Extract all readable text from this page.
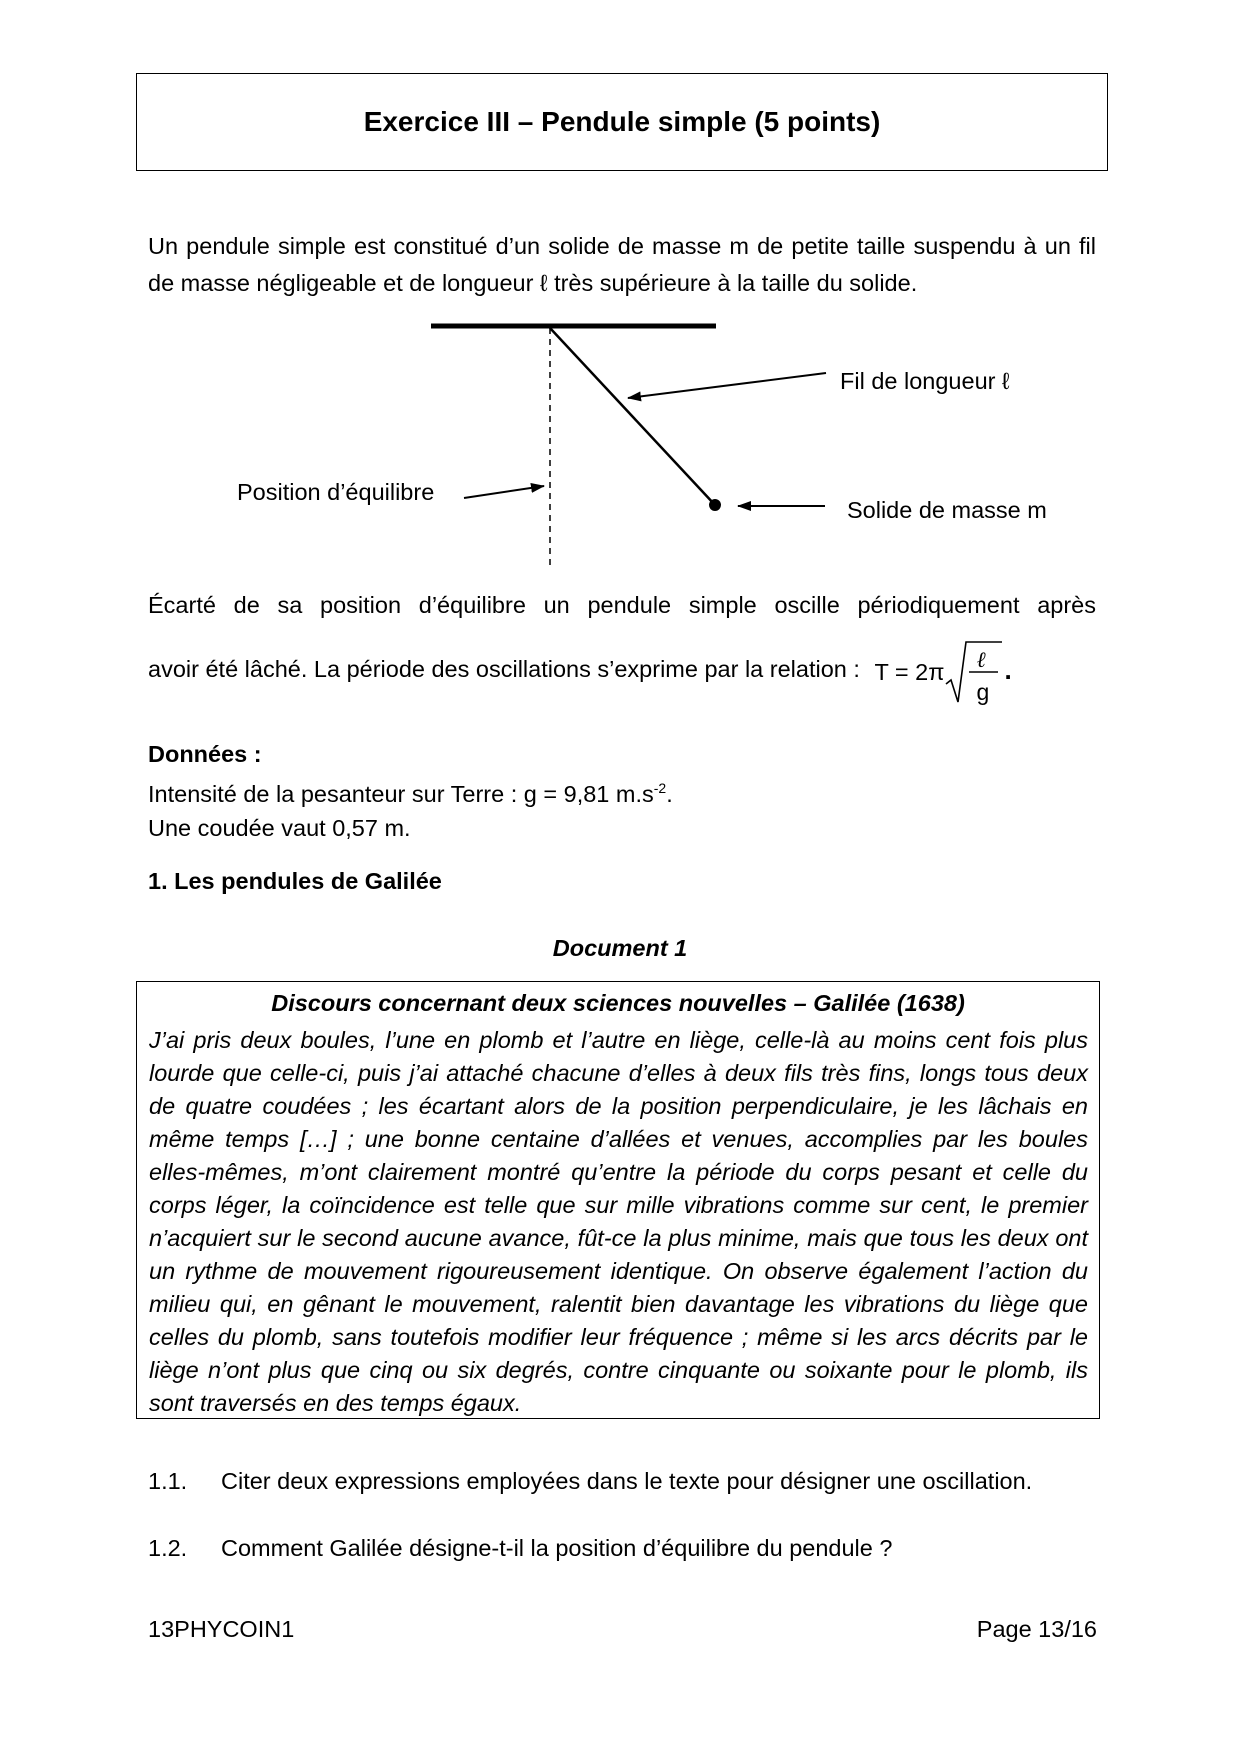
Exercice III – Pendule simple (5 points)
Un pendule simple est constitué d’un solide de masse m de petite taille suspendu à un fil de masse négligeable et de longueur ℓ très supérieure à la taille du solide.
Fil de longueur ℓ
Position d’équilibre
Solide de masse m
Écarté de sa position d’équilibre un pendule simple oscille périodiquement après
avoir été lâché. La période des oscillations s’exprime par la relation : T = 2π ℓ
g
.
Données :
Intensité de la pesanteur sur Terre : g = 9,81 $m.s^{-2}$.
Une coudée vaut 0,57 m.
1. Les pendules de Galilée
Document 1
Discours concernant deux sciences nouvelles – Galilée (1638)
J’ai pris deux boules, l’une en plomb et l’autre en liège, celle-là au moins cent fois plus lourde que celle-ci, puis j’ai attaché chacune d’elles à deux fils très fins, longs tous deux de quatre coudées ; les écartant alors de la position perpendiculaire, je les lâchais en même temps […] ; une bonne centaine d’allées et venues, accomplies par les boules elles-mêmes, m’ont clairement montré qu’entre la période du corps pesant et celle du corps léger, la coïncidence est telle que sur mille vibrations comme sur cent, le premier n’acquiert sur le second aucune avance, fût-ce la plus minime, mais que tous les deux ont un rythme de mouvement rigoureusement identique. On observe également l’action du milieu qui, en gênant le mouvement, ralentit bien davantage les vibrations du liège que celles du plomb, sans toutefois modifier leur fréquence ; même si les arcs décrits par le liège n’ont plus que cinq ou six degrés, contre cinquante ou soixante pour le plomb, ils sont traversés en des temps égaux.
1.1. Citer deux expressions employées dans le texte pour désigner une oscillation.
1.2. Comment Galilée désigne-t-il la position d’équilibre du pendule ?
13PHYCOIN1	Page 13/16
